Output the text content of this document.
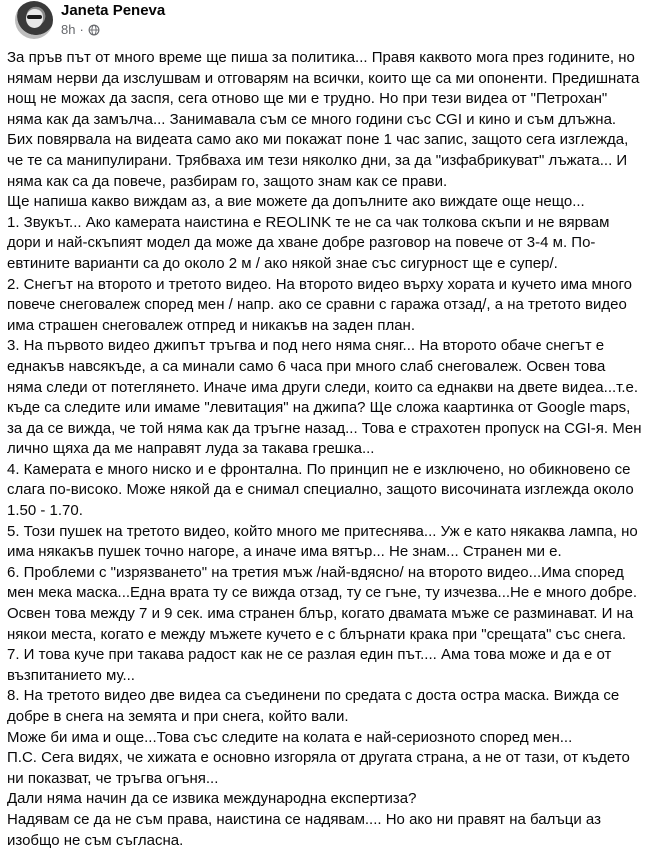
Janeta Peneva
8h ·

За пръв път от много време ще пиша за политика... Правя каквото мога през годините, но нямам нерви да изслушвам и отговарям на всички, които ще са ми опоненти. Предишната нощ не можах да заспя, сега отново ще ми е трудно. Но при тези видеа от "Петрохан" няма как да замълча... Занимавала съм се много години със CGI и кино и съм длъжна. Бих повярвала на видеата само ако ми покажат поне 1 час запис, защото сега изглежда, че те са манипулирани. Трябваха им тези няколко дни, за да "изфабрикуват" лъжата... И няма как са да повече, разбирам го, защото знам как се прави.

Ще напиша какво виждам аз, а вие можете да допълните ако виждате още нещо...

1. Звукът... Ако камерата наистина е REOLINK те не са чак толкова скъпи и не вярвам дори и най-скъпият модел да може да хване добре разговор на повече от 3-4 м. По-евтините варианти са до около 2 м / ако някой знае със сигурност ще е супер/.

2. Снегът на второто и третото видео. На второто видео върху хората и кучето има много повече снеговалеж според мен / напр. ако се сравни с гаража отзад/, а на третото видео има страшен снеговалеж отпред и никакъв на заден план.

3. На първото видео джипът тръгва и под него няма сняг... На второто обаче снегът е еднакъв навсякъде, а са минали само 6 часа при много слаб снеговалеж. Освен това няма следи от потеглянето. Иначе има други следи, които са еднакви на двете видеа...т.е. къде са следите или имаме "левитация" на джипа? Ще сложа каартинка от Google maps, за да се вижда, че той няма как да тръгне назад... Това е страхотен пропуск на CGI-я. Мен лично щяха да ме направят луда за такава грешка...

4. Камерата е много ниско и е фронтална. По принцип не е изключено, но обикновено се слага по-високо. Може някой да е снимал специално, защото височината изглежда около 1.50 - 1.70.

5. Този пушек на третото видео, който много ме притеснява... Уж е като някаква лампа, но има някакъв пушек точно нагоре, а иначе има вятър... Не знам... Странен ми е.

6. Проблеми с "изрязването" на третия мъж /най-вдясно/ на второто видео...Има според мен мека маска...Една врата ту се вижда отзад, ту се гъне, ту изчезва...Не е много добре. Освен това между 7 и 9 сек. има странен блър, когато двамата мъже се разминават. И на някои места, когато е между мъжете кучето е с блърнати крака при "срещата" със снега.

7. И това куче при такава радост как не се разлая един път.... Ама това може и да е от възпитанието му...

8. На третото видео две видеа са съединени по средата с доста остра маска. Вижда се добре в снега на земята и при снега, който вали.

Може би има и още...Това със следите на колата е най-сериозното според мен...

П.С. Сега видях, че хижата е основно изгоряла от другата страна, а не от тази, от където ни показват, че тръгва огъня...

Дали няма начин да се извика международна експертиза?

Надявам се да не съм права, наистина се надявам.... Но ако ни правят на балъци аз изобщо не съм съгласна.
